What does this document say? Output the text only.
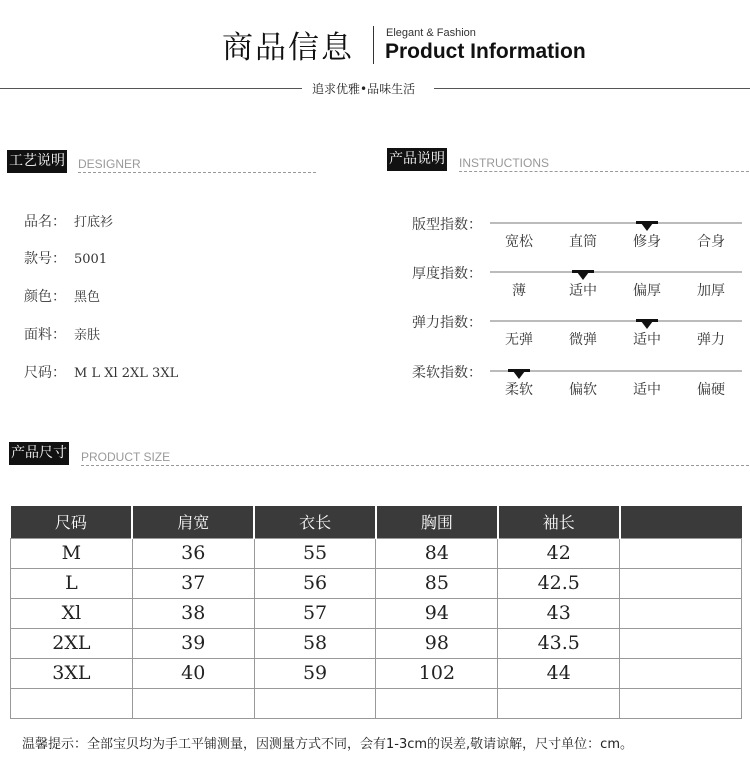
商品信息	Elegant & Fashion
Product Information
追求优雅•品味生活
工艺说明 DESIGNER
品名： 打底衫
款号： 5001
颜色： 黑色
面料： 亲肤
尺码： M L Xl 2XL 3XL
产品说明 INSTRUCTIONS
版型指数：
宽松	直筒	修身	合身
厚度指数：
薄	适中	偏厚	加厚
弹力指数：
无弹	微弹	适中	弹力
柔软指数：
柔软	偏软	适中	偏硬
产品尺寸 PRODUCT SIZE
尺码	肩宽	衣长	胸围	袖长	
M	36	55	84	42	
L	37	56	85	42.5	
Xl	38	57	94	43	
2XL	39	58	98	43.5	
3XL	40	59	102	44	

温馨提示：全部宝贝均为手工平铺测量，因测量方式不同，会有1-3cm的误差,敬请谅解，尺寸单位：cm。
